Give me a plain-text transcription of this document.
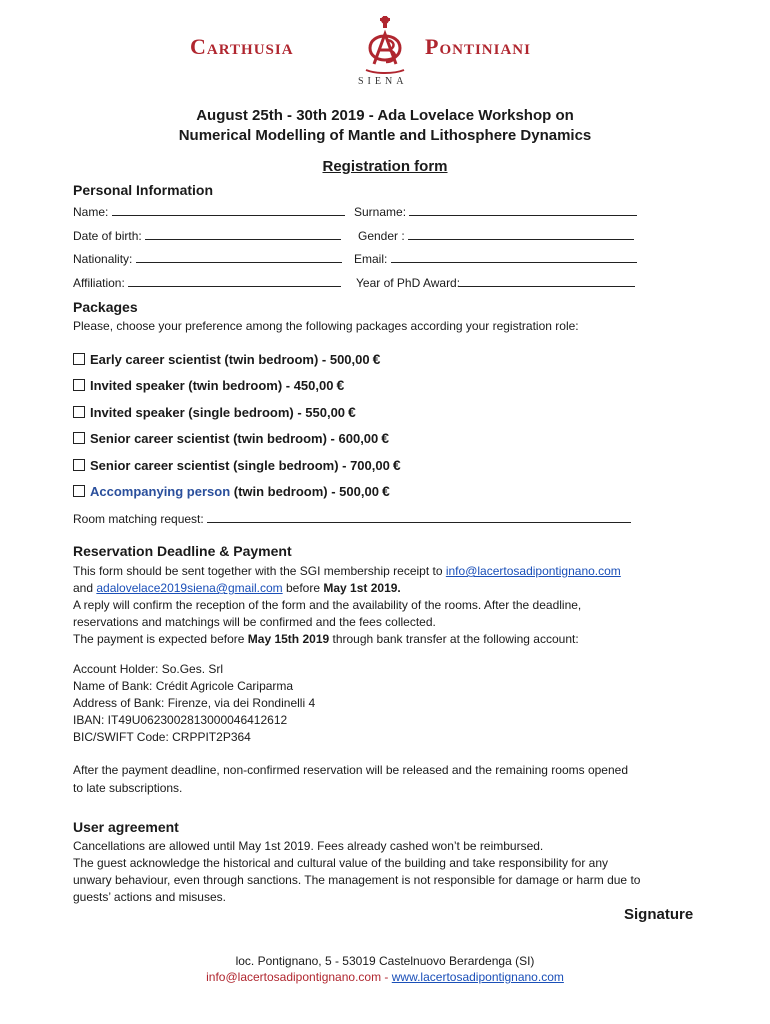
Carthusia	Pontiniani
SIENA
August 25th - 30th 2019 - Ada Lovelace Workshop on
Numerical Modelling of Mantle and Lithosphere Dynamics
Registration form
Personal Information
Name:	Surname:
Date of birth:	Gender :
Nationality:	Email:
Affiliation:	Year of PhD Award:
Packages
Please, choose your preference among the following packages according your registration role:
Early career scientist (twin bedroom) - 500,00 €
Invited speaker (twin bedroom) - 450,00 €
Invited speaker (single bedroom) - 550,00 €
Senior career scientist (twin bedroom) - 600,00 €
Senior career scientist (single bedroom) - 700,00 €
Accompanying person (twin bedroom) - 500,00 €
Room matching request:
Reservation Deadline & Payment
This form should be sent together with the SGI membership receipt to info@lacertosadipontignano.com
and adalovelace2019siena@gmail.com before May 1st 2019.
A reply will confirm the reception of the form and the availability of the rooms. After the deadline,
reservations and matchings will be confirmed and the fees collected.
The payment is expected before May 15th 2019 through bank transfer at the following account:
Account Holder: So.Ges. Srl
Name of Bank: Crédit Agricole Cariparma
Address of Bank: Firenze, via dei Rondinelli 4
IBAN: IT49U0623002813000046412612
BIC/SWIFT Code: CRPPIT2P364
After the payment deadline, non-confirmed reservation will be released and the remaining rooms opened
to late subscriptions.
User agreement
Cancellations are allowed until May 1st 2019. Fees already cashed won’t be reimbursed.
The guest acknowledge the historical and cultural value of the building and take responsibility for any
unwary behaviour, even through sanctions. The management is not responsible for damage or harm due to
guests’ actions and misuses.
Signature
loc. Pontignano, 5 - 53019 Castelnuovo Berardenga (SI)
info@lacertosadipontignano.com - www.lacertosadipontignano.com
